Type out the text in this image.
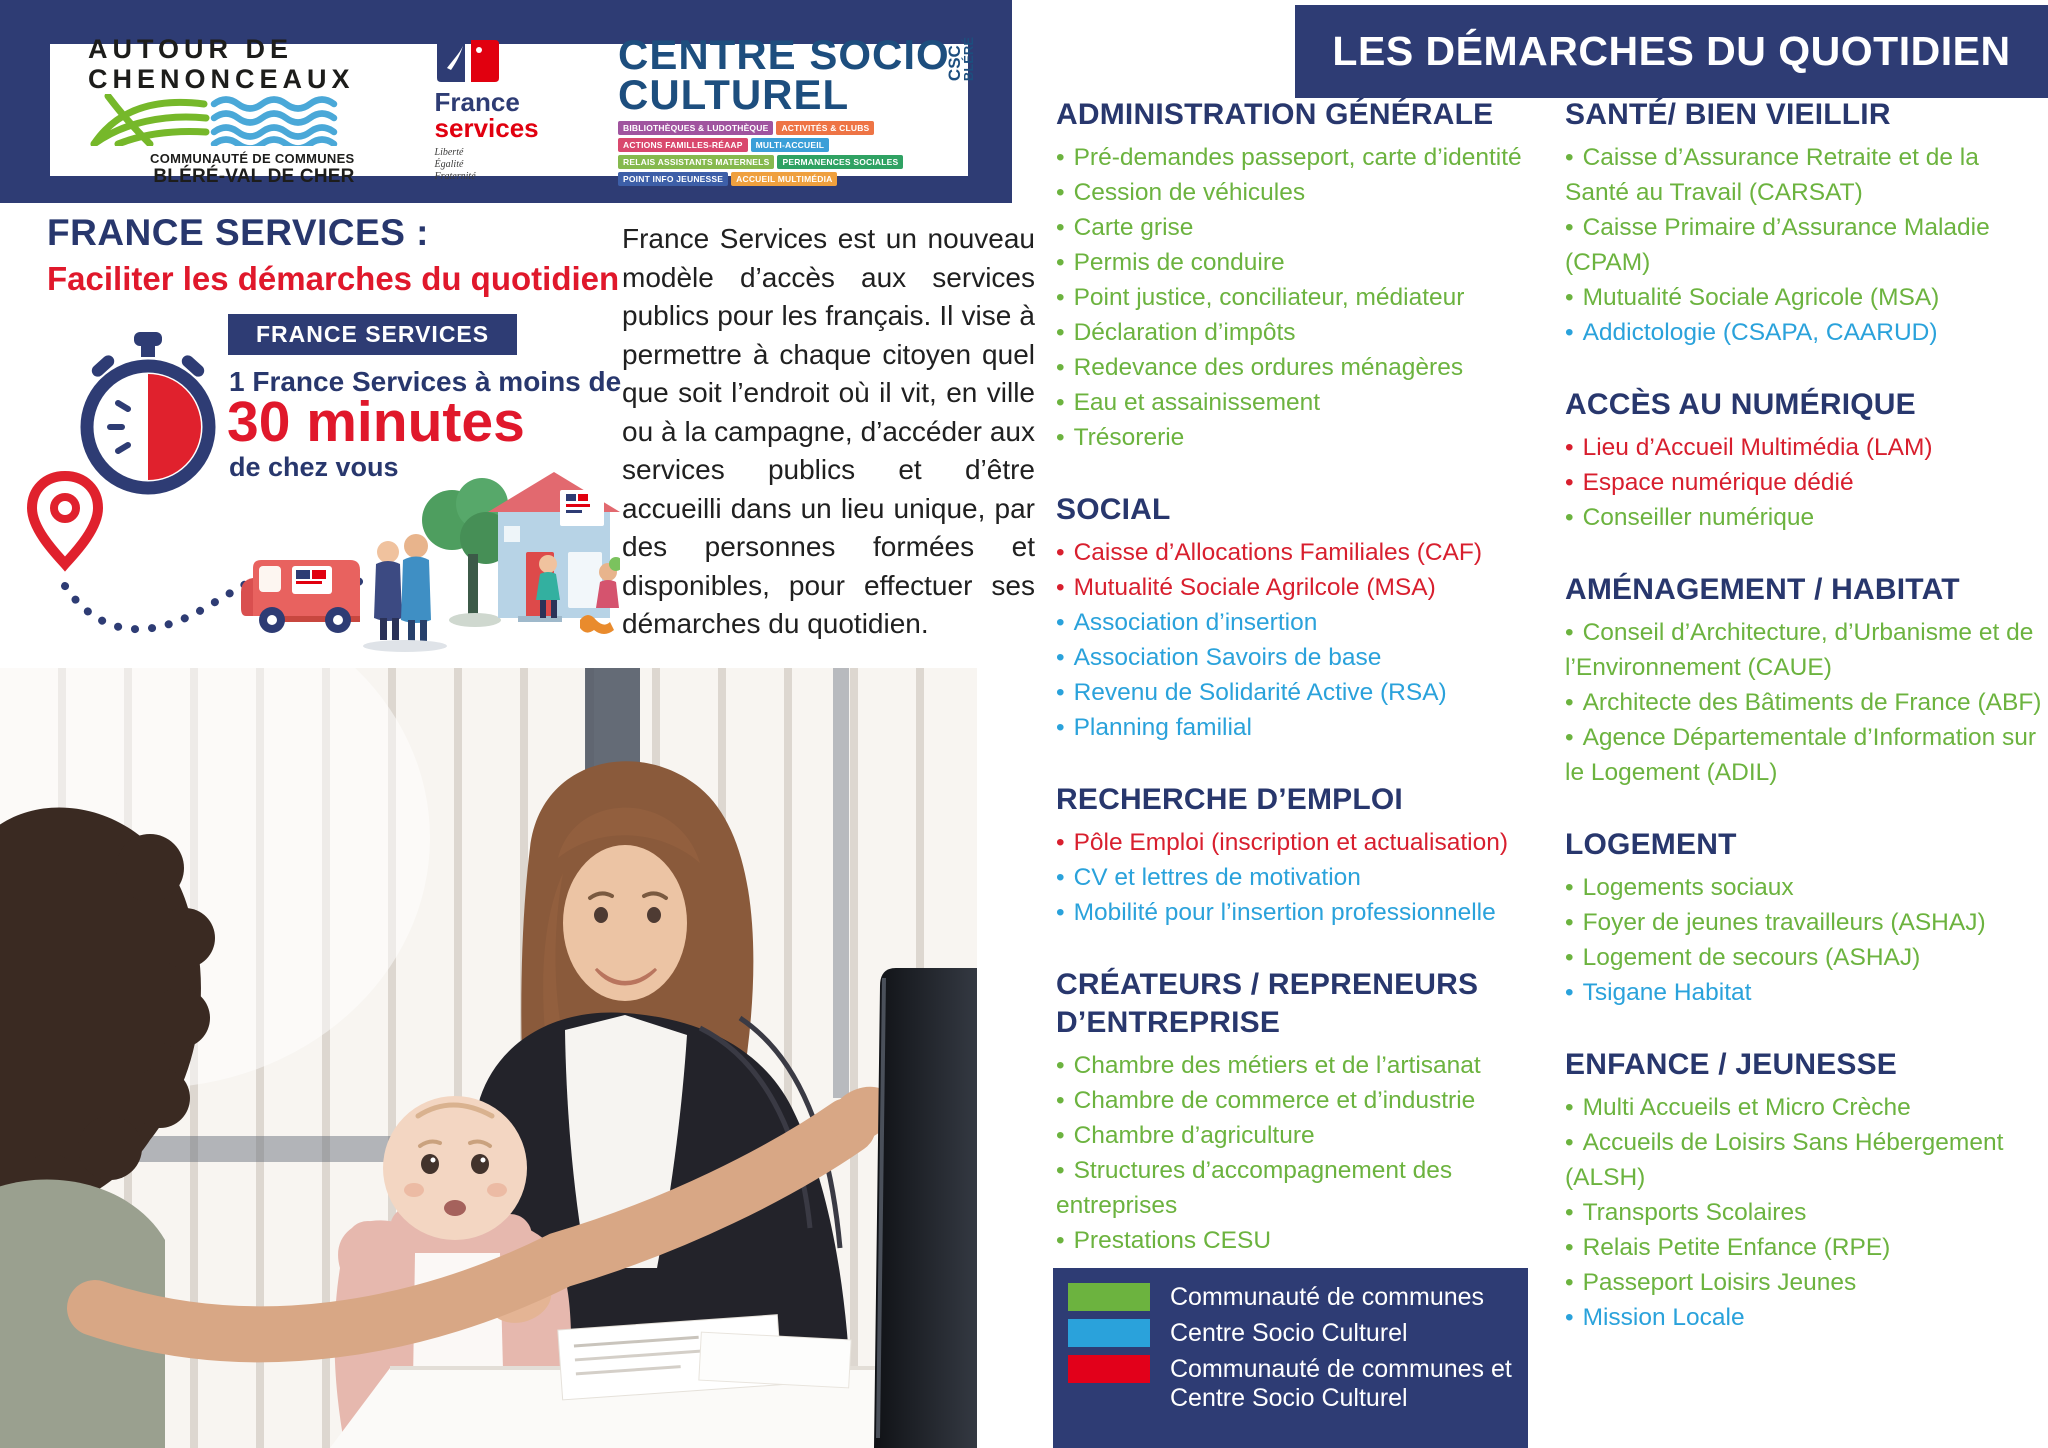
AUTOUR DE
CHENONCEAUX
COMMUNAUTÉ DE COMMUNES
BLÉRÉ-VAL DE CHER
France
services
Liberté
Égalité
Fraternité
CENTRE SOCIO
CULTUREL
CSC
BLÉRÉ
BIBLIOTHÈQUES & LUDOTHÈQUE	ACTIVITÉS & CLUBS
ACTIONS FAMILLES-RÉAAP	MULTI-ACCUEIL
RELAIS ASSISTANTS MATERNELS	PERMANENCES SOCIALES
POINT INFO JEUNESSE	ACCUEIL MULTIMÉDIA
LES DÉMARCHES DU QUOTIDIEN
FRANCE SERVICES :
Faciliter les démarches du quotidien
FRANCE SERVICES
1 France Services à moins de
30 minutes
de chez vous
France Services est un nouveau modèle d’accès aux services publics pour les français. Il vise à permettre à chaque citoyen quel que soit l’endroit où il vit, en ville ou à la campagne, d’accéder aux services publics et d’être accueilli dans un lieu unique, par des personnes formées et disponibles, pour effectuer ses démarches du quotidien.
ADMINISTRATION GÉNÉRALE
• Pré-demandes passeport, carte d’identité
• Cession de véhicules
• Carte grise
• Permis de conduire
• Point justice, conciliateur, médiateur
• Déclaration d’impôts
• Redevance des ordures ménagères
• Eau et assainissement
• Trésorerie
SOCIAL
• Caisse d’Allocations Familiales (CAF)
• Mutualité Sociale Agrilcole (MSA)
• Association d’insertion
• Association Savoirs de base
• Revenu de Solidarité Active (RSA)
• Planning familial
RECHERCHE D’EMPLOI
• Pôle Emploi (inscription et actualisation)
• CV et lettres de motivation
• Mobilité pour l’insertion professionnelle
CRÉATEURS / REPRENEURS D’ENTREPRISE
• Chambre des métiers et de l’artisanat
• Chambre de commerce et d’industrie
• Chambre d’agriculture
• Structures d’accompagnement des entreprises
• Prestations CESU
SANTÉ/ BIEN VIEILLIR
• Caisse d’Assurance Retraite et de la Santé au Travail (CARSAT)
• Caisse Primaire d’Assurance Maladie (CPAM)
• Mutualité Sociale Agricole (MSA)
• Addictologie (CSAPA, CAARUD)
ACCÈS AU NUMÉRIQUE
• Lieu d’Accueil Multimédia (LAM)
• Espace numérique dédié
• Conseiller numérique
AMÉNAGEMENT / HABITAT
• Conseil d’Architecture, d’Urbanisme et de l’Environnement (CAUE)
• Architecte des Bâtiments de France (ABF)
• Agence Départementale d’Information sur le Logement (ADIL)
LOGEMENT
• Logements sociaux
• Foyer de jeunes travailleurs (ASHAJ)
• Logement de secours (ASHAJ)
• Tsigane Habitat
ENFANCE / JEUNESSE
• Multi Accueils et Micro Crèche
• Accueils de Loisirs Sans Hébergement (ALSH)
• Transports Scolaires
• Relais Petite Enfance (RPE)
• Passeport Loisirs Jeunes
• Mission Locale
Communauté de communes
Centre Socio Culturel
Communauté de communes et Centre Socio Culturel
